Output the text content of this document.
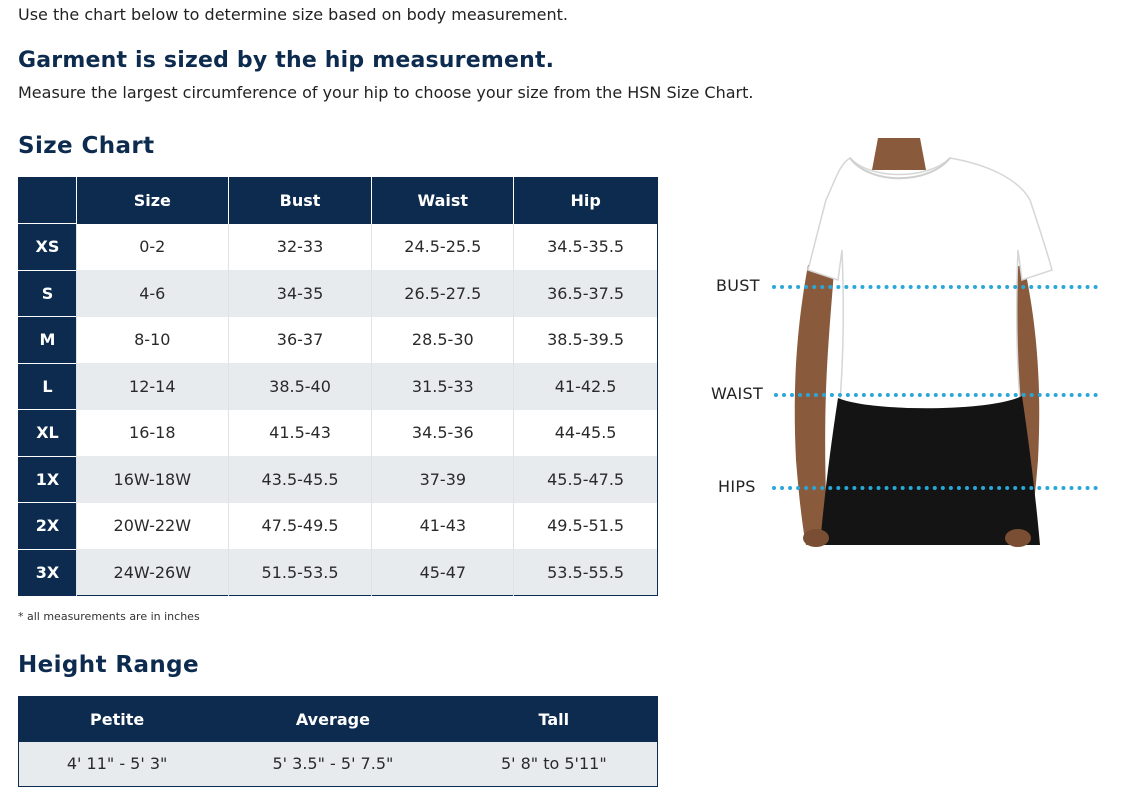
Use the chart below to determine size based on body measurement.
Garment is sized by the hip measurement.
Measure the largest circumference of your hip to choose your size from the HSN Size Chart.
Size Chart
	Size	Bust	Waist	Hip
XS	0-2	32-33	24.5-25.5	34.5-35.5
S	4-6	34-35	26.5-27.5	36.5-37.5
M	8-10	36-37	28.5-30	38.5-39.5
L	12-14	38.5-40	31.5-33	41-42.5
XL	16-18	41.5-43	34.5-36	44-45.5
1X	16W-18W	43.5-45.5	37-39	45.5-47.5
2X	20W-22W	47.5-49.5	41-43	49.5-51.5
3X	24W-26W	51.5-53.5	45-47	53.5-55.5
* all measurements are in inches
Height Range
Petite	Average	Tall
4' 11" - 5' 3"	5' 3.5" - 5' 7.5"	5' 8" to 5'11"
BUST
WAIST
HIPS
